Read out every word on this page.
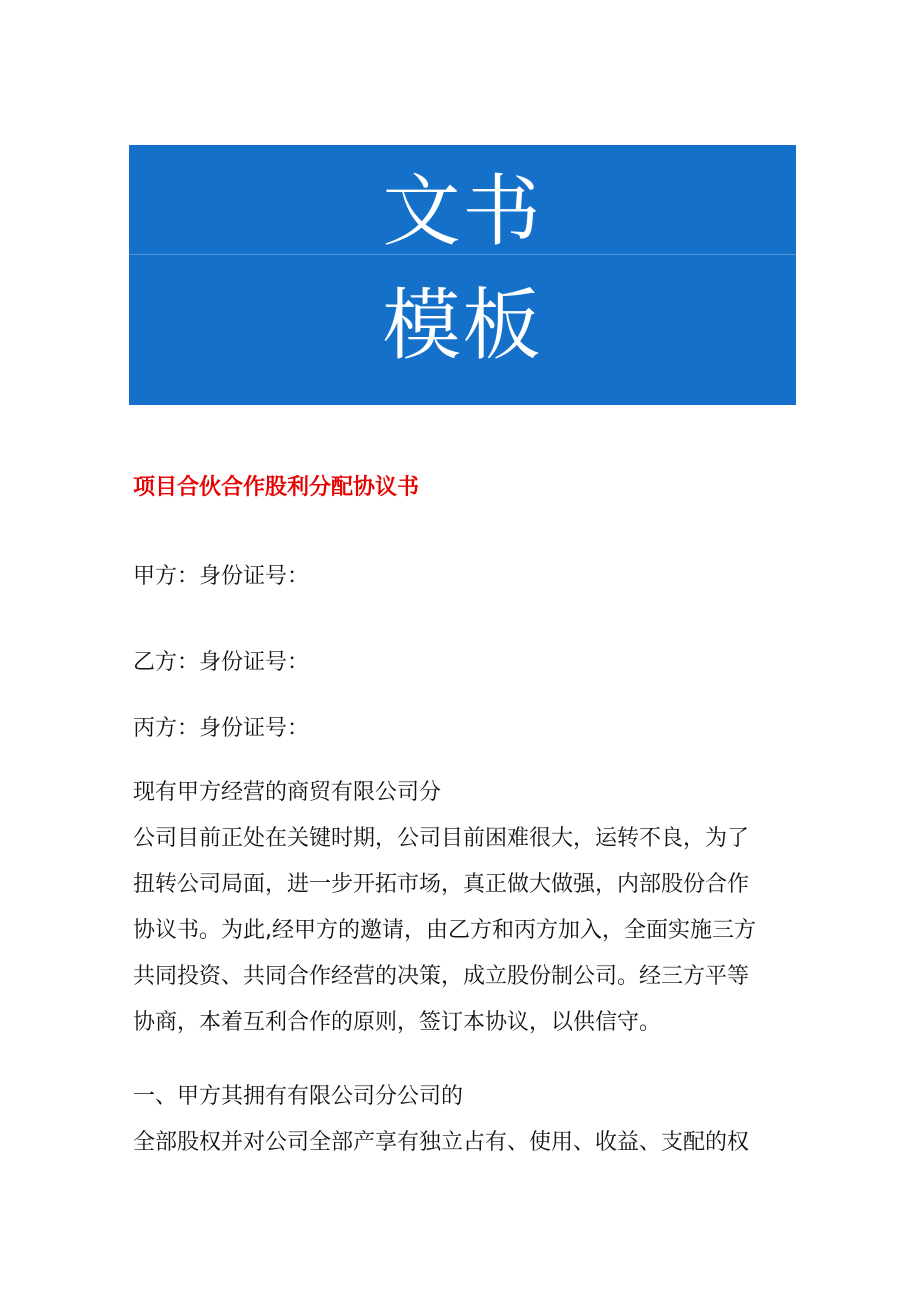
文书
模板
项目合伙合作股利分配协议书
甲方：身份证号：
乙方：身份证号：
丙方：身份证号：
现有甲方经营的商贸有限公司分
公司目前正处在关键时期，公司目前困难很大，运转不良，为了
扭转公司局面，进一步开拓市场，真正做大做强，内部股份合作
协议书。为此,经甲方的邀请，由乙方和丙方加入，全面实施三方
共同投资、共同合作经营的决策，成立股份制公司。经三方平等
协商，本着互利合作的原则，签订本协议，以供信守。
一、甲方其拥有有限公司分公司的
全部股权并对公司全部产享有独立占有、使用、收益、支配的权
